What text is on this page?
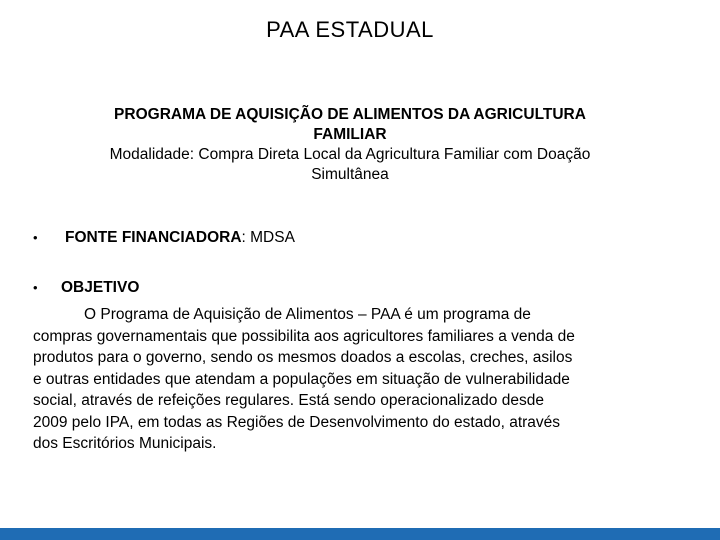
PAA ESTADUAL
PROGRAMA DE AQUISIÇÃO DE ALIMENTOS DA AGRICULTURA
FAMILIAR
Modalidade: Compra Direta Local da Agricultura Familiar com Doação
Simultânea
• FONTE FINANCIADORA: MDSA
• OBJETIVO
O Programa de Aquisição de Alimentos – PAA é um programa de
compras governamentais que possibilita aos agricultores familiares a venda de
produtos para o governo, sendo os mesmos doados a escolas, creches, asilos
e outras entidades que atendam a populações em situação de vulnerabilidade
social, através de refeições regulares. Está sendo operacionalizado desde
2009 pelo IPA, em todas as Regiões de Desenvolvimento do estado, através
dos Escritórios Municipais.
